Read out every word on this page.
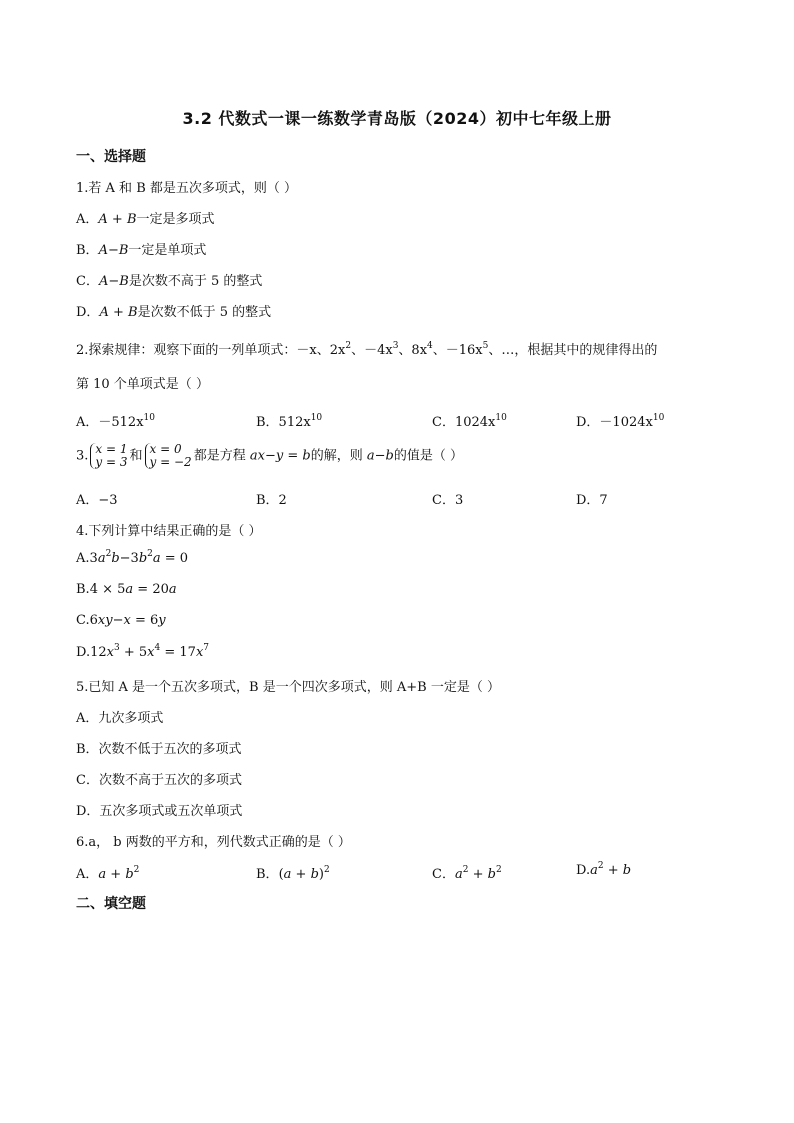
3.2 代数式一课一练数学青岛版（2024）初中七年级上册
一、选择题
1.若 A 和 B 都是五次多项式，则（ ）
A．A + B一定是多项式
B．A−B一定是单项式
C．A−B是次数不高于 5 的整式
D．A + B是次数不低于 5 的整式
2.探索规律：观察下面的一列单项式：－x、$2x^2$、$-4x^3$、$8x^4$、$-16x^5$、…，根据其中的规律得出的
第 10 个单项式是（ ）
A．$-512x^{10}$	B．$512x^{10}$	C．$1024x^{10}$	D．$-1024x^{10}$
3. x = 1
y = 3 和 x = 0
y = −2 都是方程 ax−y = b的解，则 a−b的值是（ ）
A．−3	B．2	C．3	D．7
4.下列计算中结果正确的是（ ）
$A.3a^2b-3b^2a = 0$
B.4 × 5a = 20a
C.6xy−x = 6y
$D.12x^3 + 5x^4 = 17x^7$
5.已知 A 是一个五次多项式，B 是一个四次多项式，则 A+B 一定是（ ）
A．九次多项式
B．次数不低于五次的多项式
C．次数不高于五次的多项式
D．五次多项式或五次单项式
6.a， b 两数的平方和，列代数式正确的是（ ）
A．$a + b^2$	B．$(a + b)^2$	C．$a^2 + b^2$	$D.a^2 + b$
二、填空题
